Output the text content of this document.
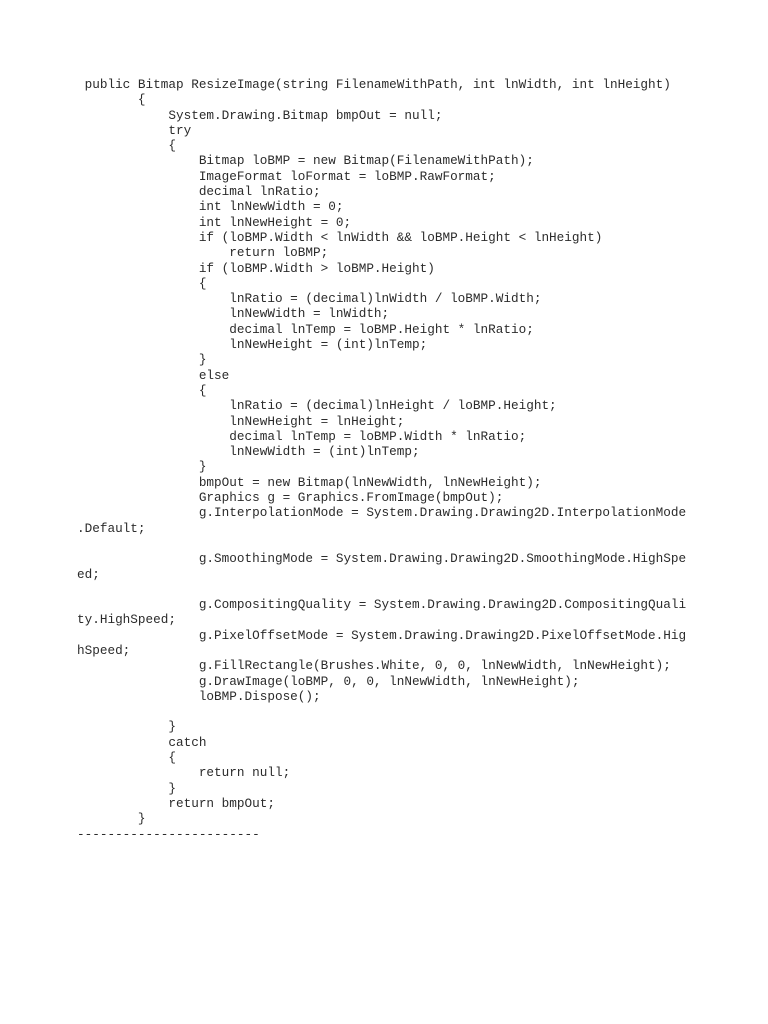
public Bitmap ResizeImage(string FilenameWithPath, int lnWidth, int lnHeight)
{
System.Drawing.Bitmap bmpOut = null;
try
{
Bitmap loBMP = new Bitmap(FilenameWithPath);
ImageFormat loFormat = loBMP.RawFormat;
decimal lnRatio;
int lnNewWidth = 0;
int lnNewHeight = 0;
if (loBMP.Width < lnWidth && loBMP.Height < lnHeight)
return loBMP;
if (loBMP.Width > loBMP.Height)
{
lnRatio = (decimal)lnWidth / loBMP.Width;
lnNewWidth = lnWidth;
decimal lnTemp = loBMP.Height * lnRatio;
lnNewHeight = (int)lnTemp;
}
else
{
lnRatio = (decimal)lnHeight / loBMP.Height;
lnNewHeight = lnHeight;
decimal lnTemp = loBMP.Width * lnRatio;
lnNewWidth = (int)lnTemp;
}
bmpOut = new Bitmap(lnNewWidth, lnNewHeight);
Graphics g = Graphics.FromImage(bmpOut);
g.InterpolationMode = System.Drawing.Drawing2D.InterpolationMode
.Default;
g.SmoothingMode = System.Drawing.Drawing2D.SmoothingMode.HighSpe
ed;
g.CompositingQuality = System.Drawing.Drawing2D.CompositingQuali
ty.HighSpeed;
g.PixelOffsetMode = System.Drawing.Drawing2D.PixelOffsetMode.Hig
hSpeed;
g.FillRectangle(Brushes.White, 0, 0, lnNewWidth, lnNewHeight);
g.DrawImage(loBMP, 0, 0, lnNewWidth, lnNewHeight);
loBMP.Dispose();
}
catch
{
return null;
}
return bmpOut;
}
------------------------
